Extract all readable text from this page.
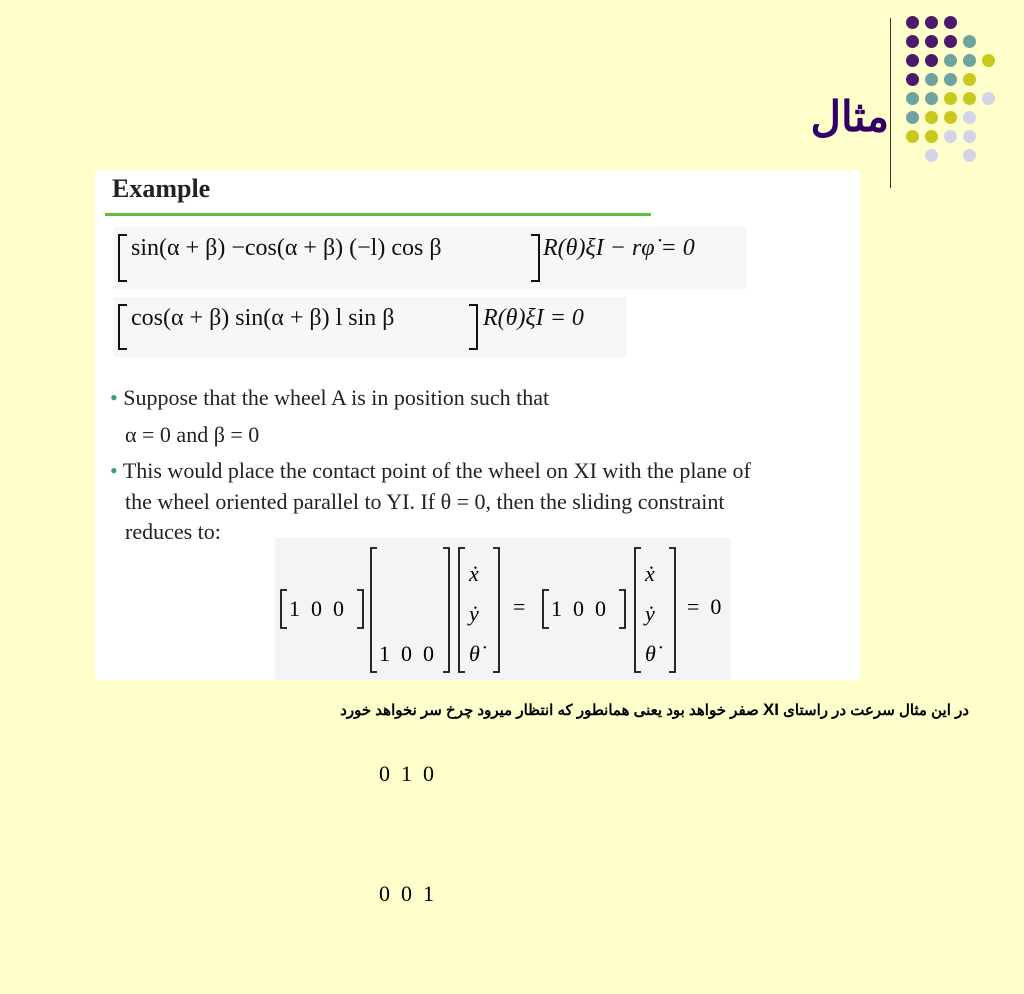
مثال
Example
sin(α + β) −cos(α + β) (−l) cos β	R(θ)ξ̇I − rφ̇ = 0
cos(α + β) sin(α + β) l sin β	R(θ)ξ̇I = 0
• Suppose that the wheel A is in position such that
α = 0 and β = 0
• This would place the contact point of the wheel on XI with the plane of
the wheel oriented parallel to YI. If θ = 0, then the sliding constraint
reduces to:
1  0  0

1  0  0

0  1  0

0  0  1

ẋ
ẏ
θ̇
= 1  0  0
ẋ
ẏ
θ̇
= 0
در این مثال سرعت در راستای XI صفر خواهد بود یعنی همانطور که انتظار میرود چرخ سر نخواهد خورد
